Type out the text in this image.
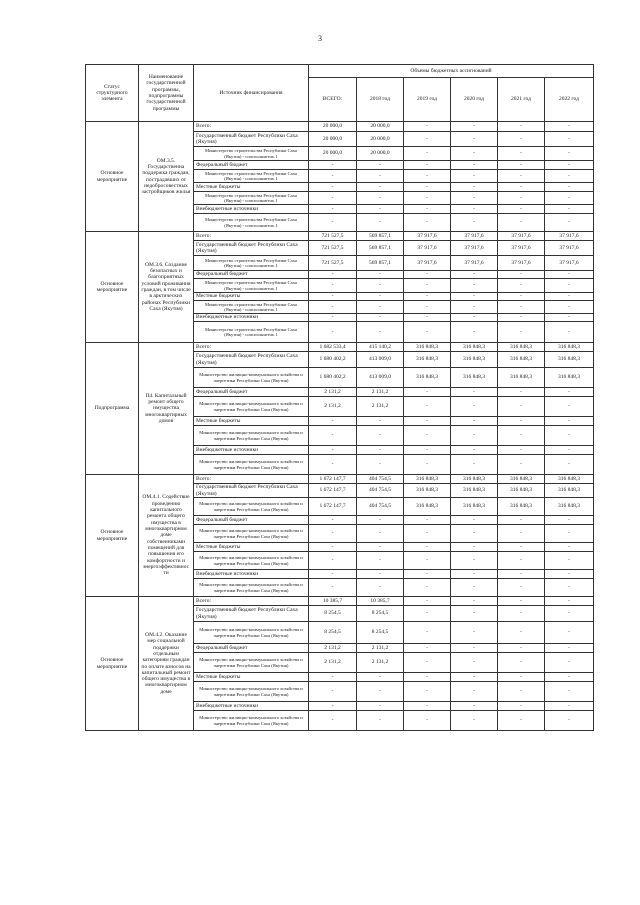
3
Статус структурного элемента	Наименование государственной программы, подпрограммы государственной программы	Источник финансирования	Объемы бюджетных ассигнований					
			ВСЕГО:	2018 год	2019 год	2020 год	2021 год	2022 год
Основное мероприятие	ОМ.3.5. Государственна поддержка граждан, пострадавших от недобросовестных застройщиков жилья	Всего:	20 000,0	20 000,0	-	-	-	-
		Государственный бюджет Республики Саха (Якутия)	20 000,0	20 000,0	-	-	-	-
		Министерство строительства Республики Саха (Якутия) - соисполнитель 1	20 000,0	20 000,0	-	-	-	-
		Федеральный бюджет	-	-	-	-	-	-
		Министерство строительства Республики Саха (Якутия) - соисполнитель 1	-	-	-	-	-	-
		Местные бюджеты	-	-	-	-	-	-
		Министерство строительства Республики Саха (Якутия) - соисполнитель 1	-	-	-	-	-	-
		Внебюджетные источники	-	-	-	-	-	-
		Министерство строительства Республики Саха (Якутия) - соисполнитель 1	-	-	-	-	-	-
Основное мероприятие	ОМ.3.6. Создание безопасных и благоприятных условий проживания граждан, в том числе в арктических районах Республики Саха (Якутия)	Всего:	721 527,5	569 857,1	37 917,6	37 917,6	37 917,6	37 917,6
		Государственный бюджет Республики Саха (Якутия)	721 527,5	569 857,1	37 917,6	37 917,6	37 917,6	37 917,6
		Министерство строительства Республики Саха (Якутия) - соисполнитель 1	721 527,5	569 857,1	37 917,6	37 917,6	37 917,6	37 917,6
		Федеральный бюджет	-	-	-	-	-	-
		Министерство строительства Республики Саха (Якутия) - соисполнитель 1	-	-	-	-	-	-
		Местные бюджеты	-	-	-	-	-	-
		Министерство строительства Республики Саха (Якутия) - соисполнитель 1	-	-	-	-	-	-
		Внебюджетные источники	-	-	-	-	-	-
		Министерство строительства Республики Саха (Якутия) - соисполнитель 1	-	-	-	-	-	-
Подпрограмма	П4. Капитальный ремонт общего имущества многоквартирных домов	Всего:	1 682 533,4	415 140,2	316 848,3	316 848,3	316 848,3	316 848,3
		Государственный бюджет Республики Саха (Якутия)	1 680 402,2	413 009,0	316 848,3	316 848,3	316 848,3	316 848,3
		Министерство жилищно-коммунального хозяйства и энергетики Республики Саха (Якутия)	1 680 402,2	413 009,0	316 848,3	316 848,3	316 848,3	316 848,3
		Федеральный бюджет	2 131,2	2 131,2	-	-	-	-
		Министерство жилищно-коммунального хозяйства и энергетики Республики Саха (Якутия)	2 131,2	2 131,2	-	-	-	-
		Местные бюджеты	-	-	-	-	-	-
		Министерство жилищно-коммунального хозяйства и энергетики Республики Саха (Якутия)	-	-	-	-	-	-
		Внебюджетные источники	-	-	-	-	-	-
		Министерство жилищно-коммунального хозяйства и энергетики Республики Саха (Якутия)	-	-	-	-	-	-
Основное мероприятие	ОМ.4.1. Содействие проведению капитального ремонта общего имущества в многоквартирном доме собственниками помещений для повышения его комфортности и энергоэффективнос ти	Всего:	1 672 147,7	404 754,5	316 848,3	316 848,3	316 848,3	316 848,3
		Государственный бюджет Республики Саха (Якутия)	1 672 147,7	404 754,5	316 848,3	316 848,3	316 848,3	316 848,3
		Министерство жилищно-коммунального хозяйства и энергетики Республики Саха (Якутия)	1 672 147,7	404 754,5	316 848,3	316 848,3	316 848,3	316 848,3
		Федеральный бюджет	-	-	-	-	-	-
		Министерство жилищно-коммунального хозяйства и энергетики Республики Саха (Якутия)	-	-	-	-	-	-
		Местные бюджеты	-	-	-	-	-	-
		Министерство жилищно-коммунального хозяйства и энергетики Республики Саха (Якутия)	-	-	-	-	-	-
		Внебюджетные источники	-	-	-	-	-	-
		Министерство жилищно-коммунального хозяйства и энергетики Республики Саха (Якутия)	-	-	-	-	-	-
Основное мероприятие	ОМ.4.2. Оказание мер социальной поддержки отдельным категориям граждан по оплате взносов на капитальный ремонт общего имущества в многоквартирном доме	Всего:	10 385,7	10 385,7	-	-	-	-
		Государственный бюджет Республики Саха (Якутия)	8 254,5	8 254,5	-	-	-	-
		Министерство жилищно-коммунального хозяйства и энергетики Республики Саха (Якутия)	8 254,5	8 254,5	-	-	-	-
		Федеральный бюджет	2 131,2	2 131,2	-	-	-	-
		Министерство жилищно-коммунального хозяйства и энергетики Республики Саха (Якутия)	2 131,2	2 131,2	-	-	-	-
		Местные бюджеты	-	-	-	-	-	-
		Министерство жилищно-коммунального хозяйства и энергетики Республики Саха (Якутия)	-	-	-	-	-	-
		Внебюджетные источники	-	-	-	-	-	-
		Министерство жилищно-коммунального хозяйства и энергетики Республики Саха (Якутия)	-	-	-	-	-	-
